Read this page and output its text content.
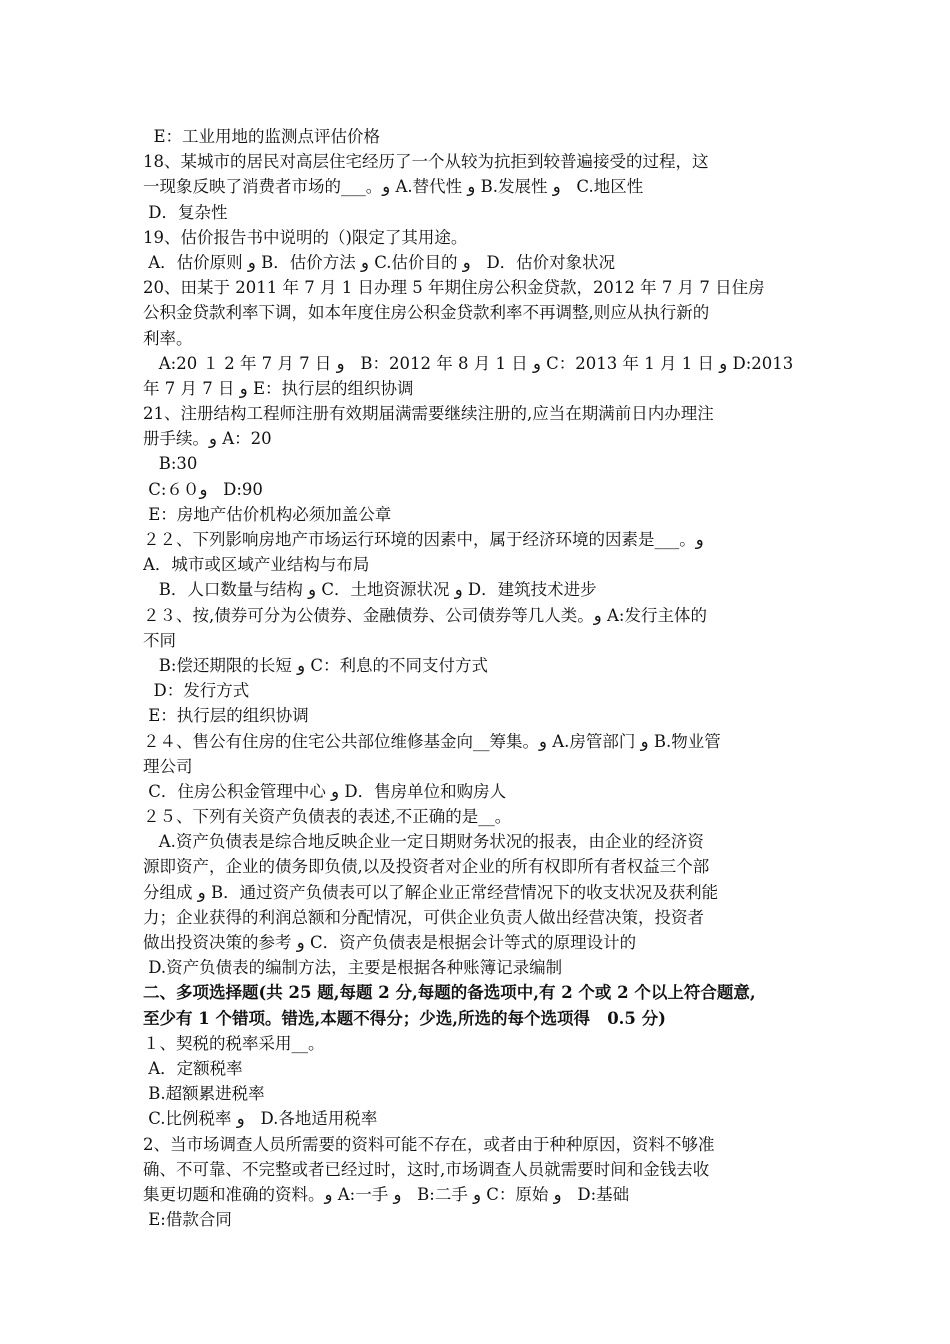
E：工业用地的监测点评估价格
18、某城市的居民对高层住宅经历了一个从较为抗拒到较普遍接受的过程，这
一现象反映了消费者市场的___。و A.替代性 و B.发展性 و   C.地区性
D．复杂性
19、估价报告书中说明的（)限定了其用途。
A．估价原则 و B．估价方法 و C.估价目的 و   D．估价对象状况
20、田某于 2011 年 7 月 1 日办理 5 年期住房公积金贷款，2012 年 7 月 7 日住房
公积金贷款利率下调，如本年度住房公积金贷款利率不再调整,则应从执行新的
利率。
A:20 １ 2 年 7 月 7 日 و   B：2012 年 8 月 1 日 و C：2013 年 1 月 1 日 و D:2013
年 7 月 7 日 و E：执行层的组织协调
21、注册结构工程师注册有效期届满需要继续注册的,应当在期满前日内办理注
册手续。و A：20
B:30
C:６０و   D:90
E：房地产估价机构必须加盖公章
２２、下列影响房地产市场运行环境的因素中，属于经济环境的因素是___。و
A．城市或区域产业结构与布局
B．人口数量与结构 و C．土地资源状况 و D．建筑技术进步
２３、按,债券可分为公债券、金融债券、公司债券等几人类。و A:发行主体的
不同
B:偿还期限的长短 و C：利息的不同支付方式
D：发行方式
E：执行层的组织协调
２４、售公有住房的住宅公共部位维修基金向__筹集。و A.房管部门 و B.物业管
理公司
C．住房公积金管理中心 و D．售房单位和购房人
２５、下列有关资产负债表的表述,不正确的是__。
A.资产负债表是综合地反映企业一定日期财务状况的报表，由企业的经济资
源即资产，企业的债务即负债,以及投资者对企业的所有权即所有者权益三个部
分组成 و B．通过资产负债表可以了解企业正常经营情况下的收支状况及获利能
力；企业获得的利润总额和分配情况，可供企业负责人做出经营决策，投资者
做出投资决策的参考 و C．资产负债表是根据会计等式的原理设计的
D.资产负债表的编制方法，主要是根据各种账簿记录编制
二、多项选择题(共 25 题,每题 2 分,每题的备选项中,有 2 个或 2 个以上符合题意,
至少有 1 个错项。错选,本题不得分；少选,所选的每个选项得   0.5 分)
１、契税的税率采用__。
A．定额税率
B.超额累进税率
C.比例税率 و   D.各地适用税率
2、当市场调查人员所需要的资料可能不存在，或者由于种种原因，资料不够准
确、不可靠、不完整或者已经过时，这时,市场调查人员就需要时间和金钱去收
集更切题和准确的资料。و A:一手 و   B:二手 و C：原始 و   D:基础
E:借款合同
